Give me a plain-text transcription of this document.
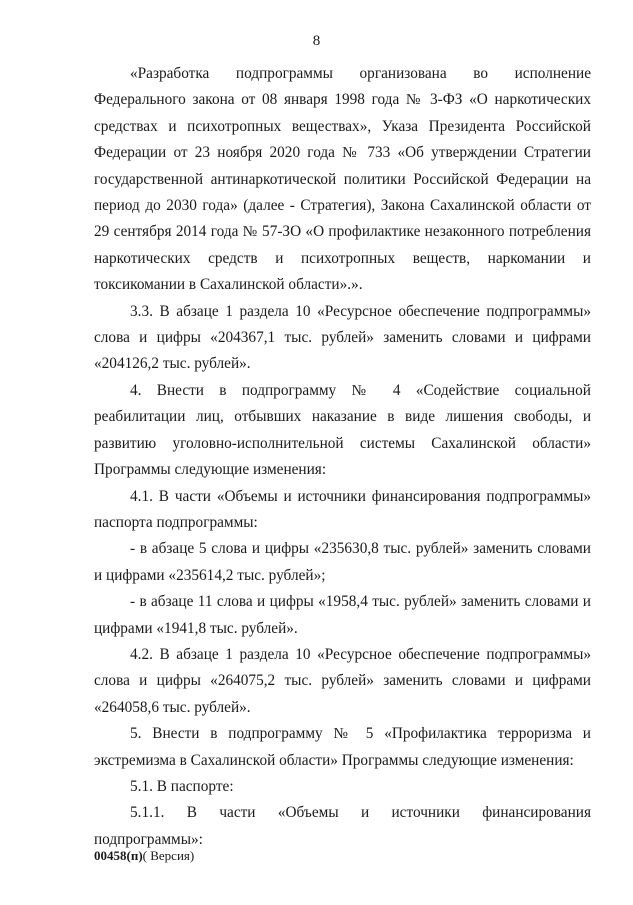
8

«Разработка подпрограммы организована во исполнение Федерального закона от 08 января 1998 года № 3-ФЗ «О наркотических средствах и психотропных веществах», Указа Президента Российской Федерации от 23 ноября 2020 года № 733 «Об утверждении Стратегии государственной антинаркотической политики Российской Федерации на период до 2030 года» (далее - Стратегия), Закона Сахалинской области от 29 сентября 2014 года № 57-ЗО «О профилактике незаконного потребления наркотических средств и психотропных веществ, наркомании и токсикомании в Сахалинской области».».

3.3. В абзаце 1 раздела 10 «Ресурсное обеспечение подпрограммы» слова и цифры «204367,1 тыс. рублей» заменить словами и цифрами «204126,2 тыс. рублей».

4. Внести в подпрограмму № 4 «Содействие социальной реабилитации лиц, отбывших наказание в виде лишения свободы, и развитию уголовно-исполнительной системы Сахалинской области» Программы следующие изменения:

4.1. В части «Объемы и источники финансирования подпрограммы» паспорта подпрограммы:

- в абзаце 5 слова и цифры «235630,8 тыс. рублей» заменить словами и цифрами «235614,2 тыс. рублей»;

- в абзаце 11 слова и цифры «1958,4 тыс. рублей» заменить словами и цифрами «1941,8 тыс. рублей».

4.2. В абзаце 1 раздела 10 «Ресурсное обеспечение подпрограммы» слова и цифры «264075,2 тыс. рублей» заменить словами и цифрами «264058,6 тыс. рублей».

5. Внести в подпрограмму № 5 «Профилактика терроризма и экстремизма в Сахалинской области» Программы следующие изменения:

5.1. В паспорте:

5.1.1. В части «Объемы и источники финансирования подпрограммы»:

00458(п)( Версия)
